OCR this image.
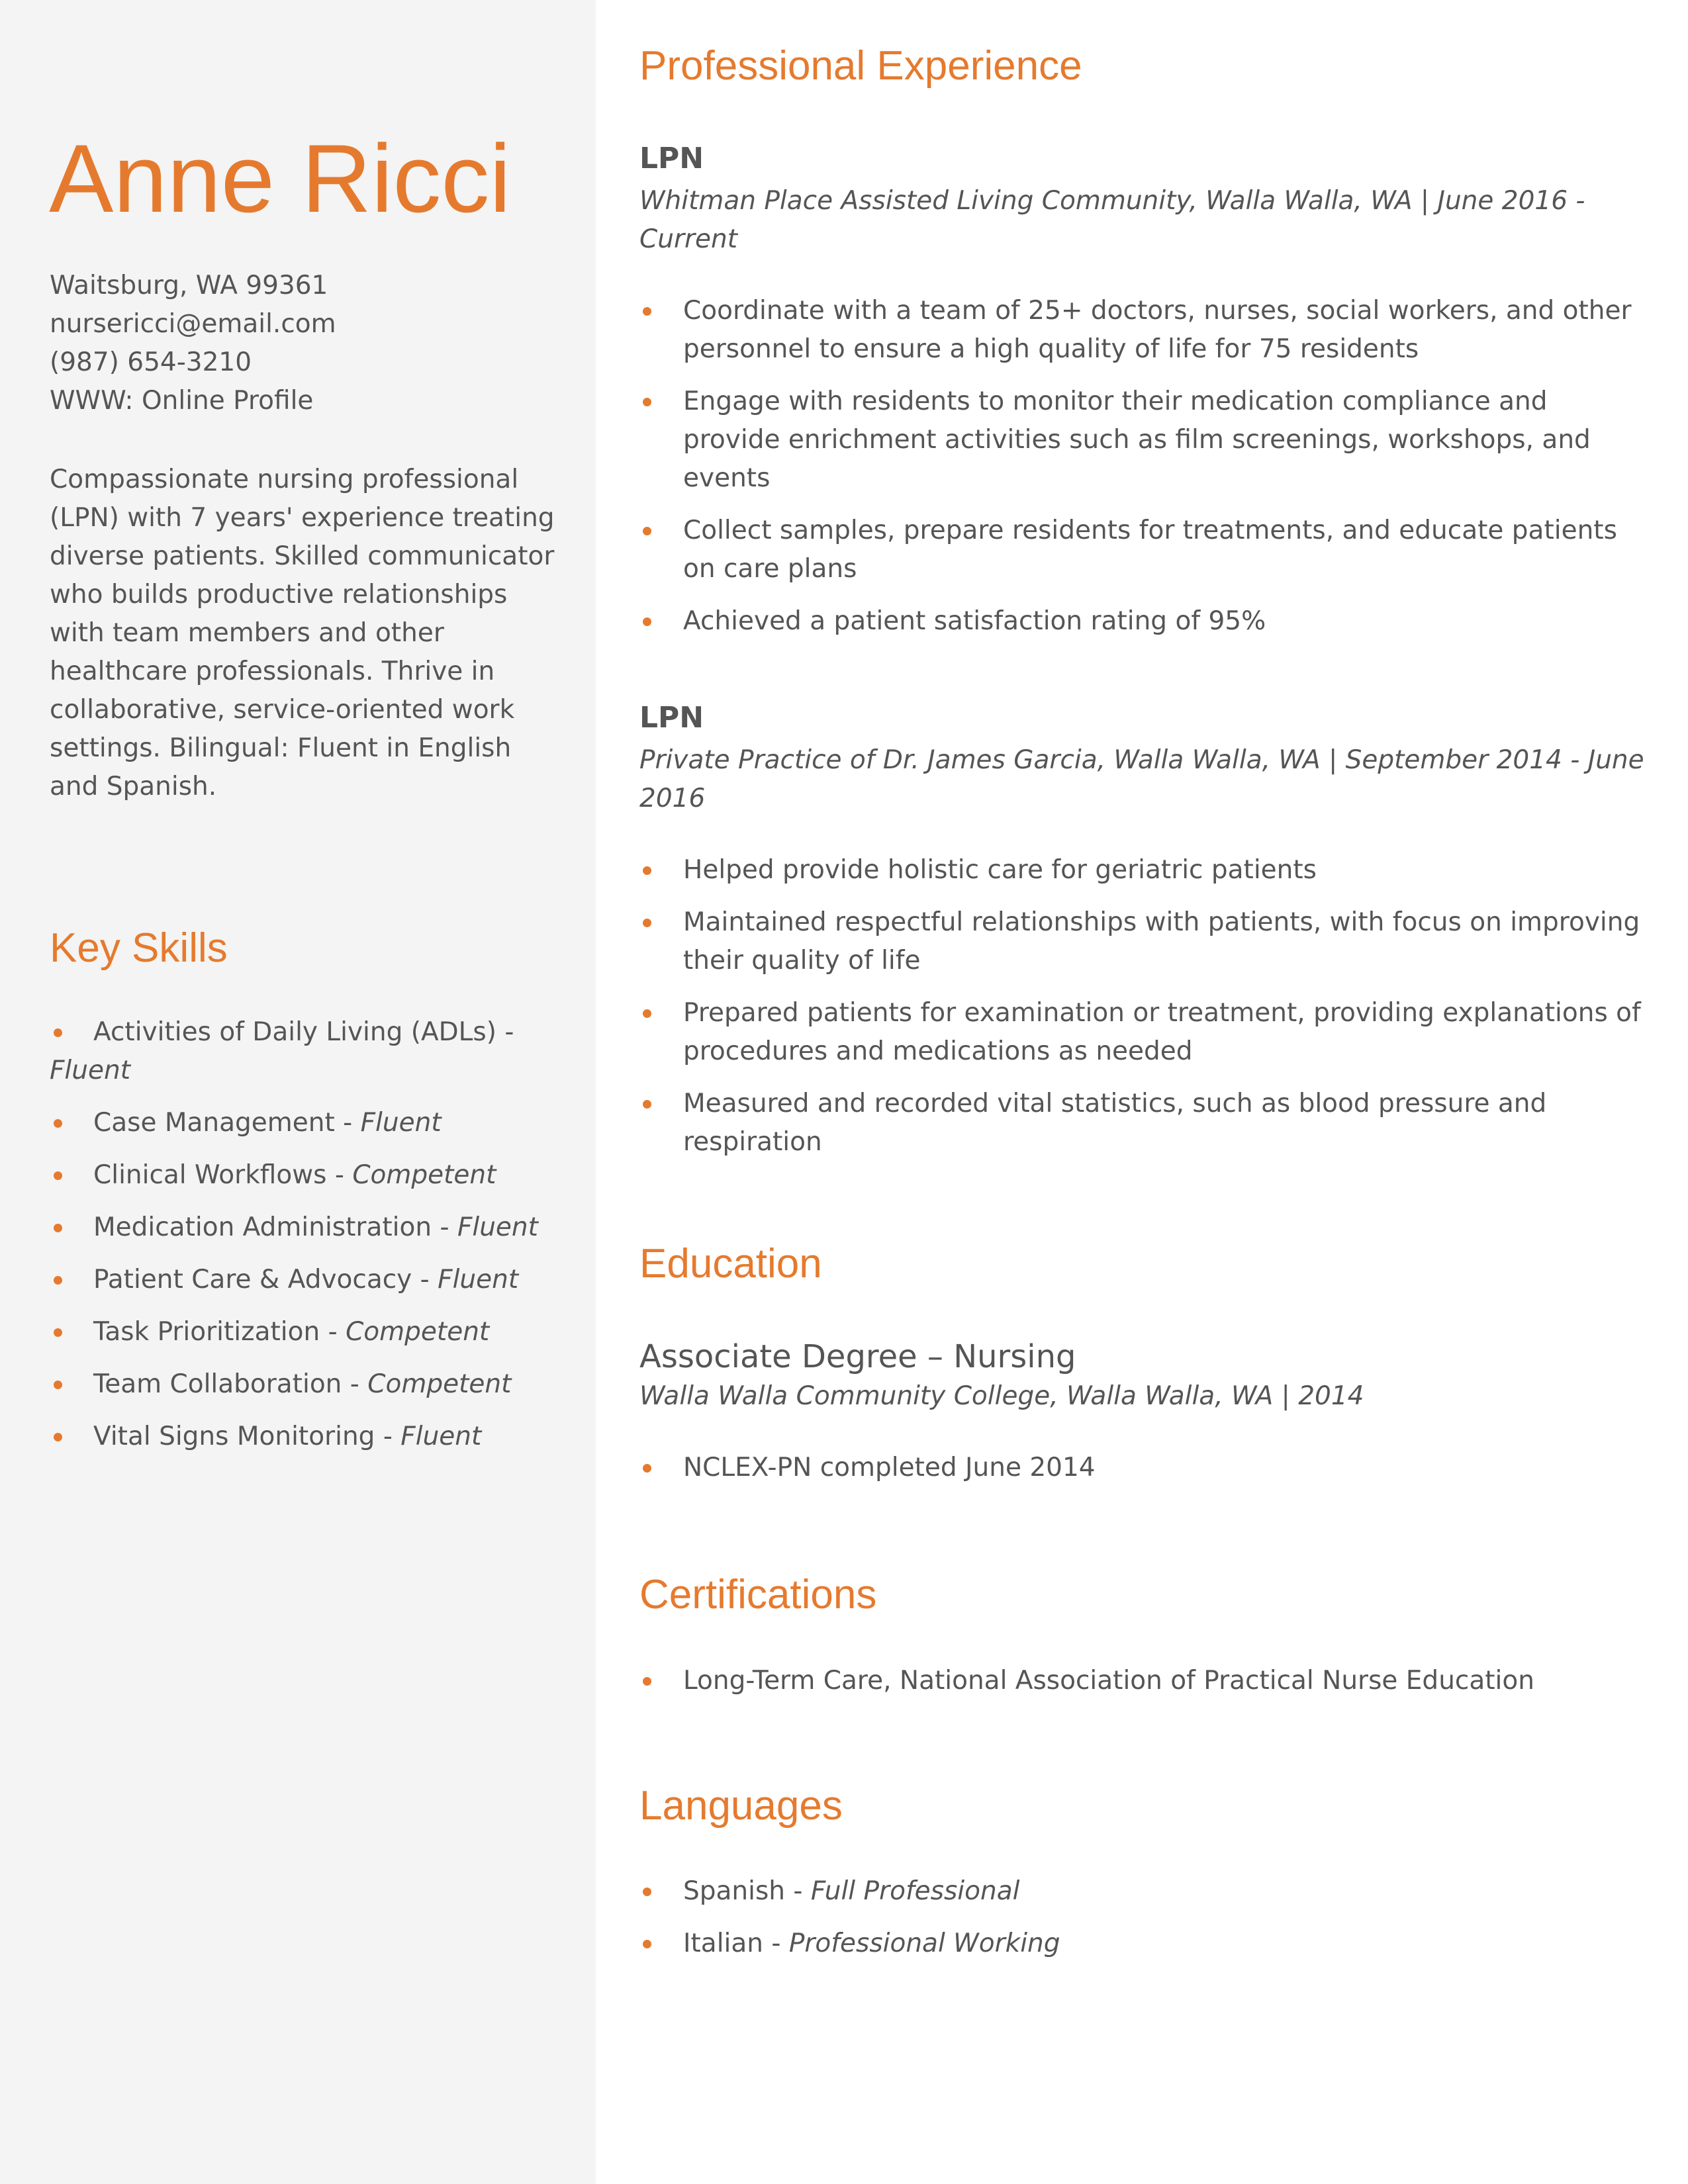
Anne Ricci
Waitsburg, WA 99361
nursericci@email.com
(987) 654-3210
WWW: Online Profile
Compassionate nursing professional (LPN) with 7 years' experience treating diverse patients. Skilled communicator who builds productive relationships with team members and other healthcare professionals. Thrive in collaborative, service-oriented work settings. Bilingual: Fluent in English and Spanish.
Key Skills
Activities of Daily Living (ADLs) - Fluent
Case Management - Fluent
Clinical Workflows - Competent
Medication Administration - Fluent
Patient Care & Advocacy - Fluent
Task Prioritization - Competent
Team Collaboration - Competent
Vital Signs Monitoring - Fluent
Professional Experience
LPN
Whitman Place Assisted Living Community, Walla Walla, WA | June 2016 - Current
Coordinate with a team of 25+ doctors, nurses, social workers, and other personnel to ensure a high quality of life for 75 residents
Engage with residents to monitor their medication compliance and provide enrichment activities such as film screenings, workshops, and events
Collect samples, prepare residents for treatments, and educate patients on care plans
Achieved a patient satisfaction rating of 95%
LPN
Private Practice of Dr. James Garcia, Walla Walla, WA | September 2014 - June 2016
Helped provide holistic care for geriatric patients
Maintained respectful relationships with patients, with focus on improving their quality of life
Prepared patients for examination or treatment, providing explanations of procedures and medications as needed
Measured and recorded vital statistics, such as blood pressure and respiration
Education
Associate Degree – Nursing
Walla Walla Community College, Walla Walla, WA | 2014
NCLEX-PN completed June 2014
Certifications
Long-Term Care, National Association of Practical Nurse Education
Languages
Spanish - Full Professional
Italian - Professional Working
